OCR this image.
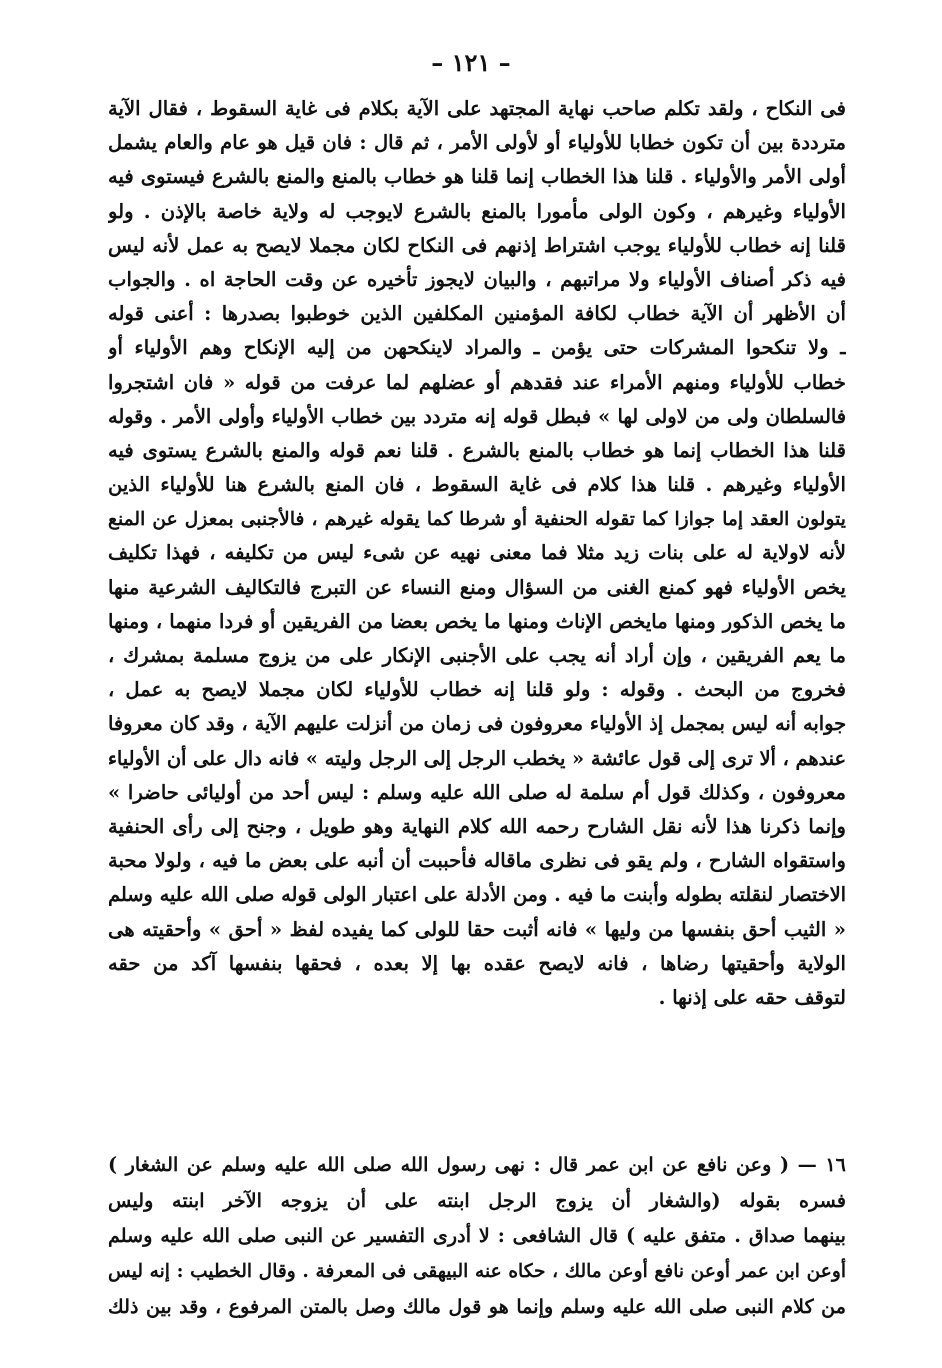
– ١٢١ –
فى النكاح ، ولقد تكلم صاحب نهاية المجتهد على الآية بكلام فى غاية السقوط ، فقال الآية
مترددة بين أن تكون خطابا للأولياء أو لأولى الأمر ، ثم قال : فان قيل هو عام والعام يشمل
أولى الأمر والأولياء . قلنا هذا الخطاب إنما قلنا هو خطاب بالمنع والمنع بالشرع فيستوى فيه
الأولياء وغيرهم ، وكون الولى مأمورا بالمنع بالشرع لايوجب له ولاية خاصة بالإذن . ولو
قلنا إنه خطاب للأولياء يوجب اشتراط إذنهم فى النكاح لكان مجملا لايصح به عمل لأنه ليس
فيه ذكر أصناف الأولياء ولا مراتبهم ، والبيان لايجوز تأخيره عن وقت الحاجة اه . والجواب
أن الأظهر أن الآية خطاب لكافة المؤمنين المكلفين الذين خوطبوا بصدرها : أعنى قوله
ـ ولا تنكحوا المشركات حتى يؤمن ـ والمراد لاينكحهن من إليه الإنكاح وهم الأولياء أو
خطاب للأولياء ومنهم الأمراء عند فقدهم أو عضلهم لما عرفت من قوله « فان اشتجروا
فالسلطان ولى من لاولى لها » فبطل قوله إنه متردد بين خطاب الأولياء وأولى الأمر . وقوله
قلنا هذا الخطاب إنما هو خطاب بالمنع بالشرع . قلنا نعم قوله والمنع بالشرع يستوى فيه
الأولياء وغيرهم . قلنا هذا كلام فى غاية السقوط ، فان المنع بالشرع هنا للأولياء الذين
يتولون العقد إما جوازا كما تقوله الحنفية أو شرطا كما يقوله غيرهم ، فالأجنبى بمعزل عن المنع
لأنه لاولاية له على بنات زيد مثلا فما معنى نهيه عن شىء ليس من تكليفه ، فهذا تكليف
يخص الأولياء فهو كمنع الغنى من السؤال ومنع النساء عن التبرج فالتكاليف الشرعية منها
ما يخص الذكور ومنها مايخص الإناث ومنها ما يخص بعضا من الفريقين أو فردا منهما ، ومنها
ما يعم الفريقين ، وإن أراد أنه يجب على الأجنبى الإنكار على من يزوج مسلمة بمشرك ،
فخروج من البحث . وقوله : ولو قلنا إنه خطاب للأولياء لكان مجملا لايصح به عمل ،
جوابه أنه ليس بمجمل إذ الأولياء معروفون فى زمان من أنزلت عليهم الآية ، وقد كان معروفا
عندهم ، ألا ترى إلى قول عائشة « يخطب الرجل إلى الرجل وليته » فانه دال على أن الأولياء
معروفون ، وكذلك قول أم سلمة له صلى الله عليه وسلم : ليس أحد من أوليائى حاضرا »
وإنما ذكرنا هذا لأنه نقل الشارح رحمه الله كلام النهاية وهو طويل ، وجنح إلى رأى الحنفية
واستقواه الشارح ، ولم يقو فى نظرى ماقاله فأحببت أن أنبه على بعض ما فيه ، ولولا محبة
الاختصار لنقلته بطوله وأبنت ما فيه . ومن الأدلة على اعتبار الولى قوله صلى الله عليه وسلم
« الثيب أحق بنفسها من وليها » فانه أثبت حقا للولى كما يفيده لفظ « أحق » وأحقيته هى
الولاية وأحقيتها رضاها ، فانه لايصح عقده بها إلا بعده ، فحقها بنفسها آكد من حقه
لتوقف حقه على إذنها .
١٦ — ( وعن نافع عن ابن عمر قال : نهى رسول الله صلى الله عليه وسلم عن الشغار )
فسره بقوله (والشغار أن يزوج الرجل ابنته على أن يزوجه الآخر ابنته وليس
بينهما صداق . متفق عليه ) قال الشافعى : لا أدرى التفسير عن النبى صلى الله عليه وسلم
أوعن ابن عمر أوعن نافع أوعن مالك ، حكاه عنه البيهقى فى المعرفة . وقال الخطيب : إنه ليس
من كلام النبى صلى الله عليه وسلم وإنما هو قول مالك وصل بالمتن المرفوع ، وقد بين ذلك
